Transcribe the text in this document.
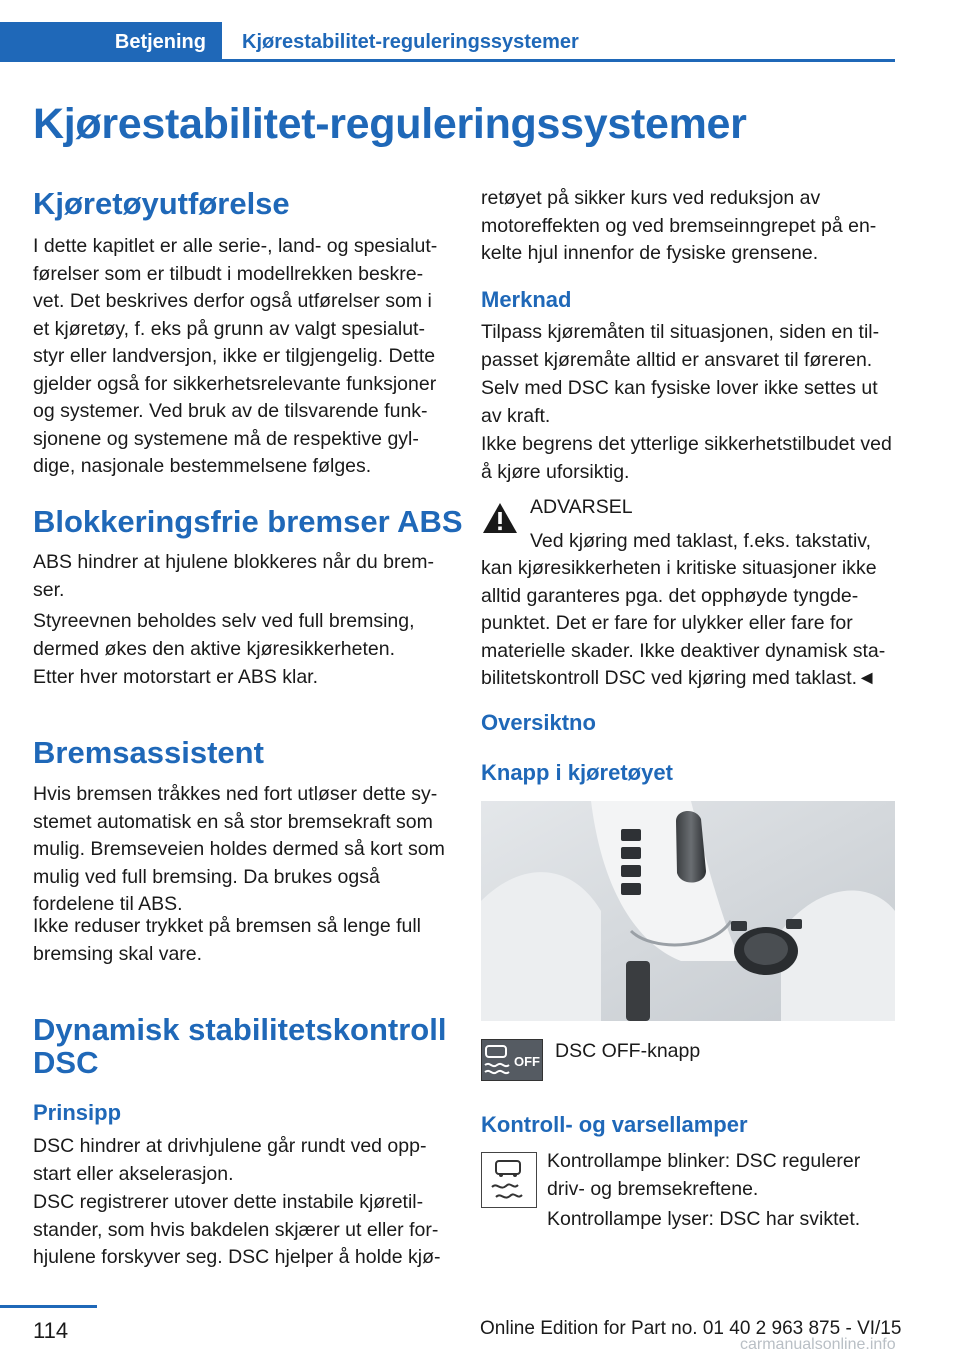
Betjening	Kjørestabilitet-reguleringssystemer
Kjørestabilitet-reguleringssystemer
Kjøretøyutførelse
I dette kapitlet er alle serie-, land- og spesialut-førelser som er tilbudt i modellrekken beskre-vet. Det beskrives derfor også utførelser som i et kjøretøy, f. eks på grunn av valgt spesialut-styr eller landversjon, ikke er tilgjengelig. Dette gjelder også for sikkerhetsrelevante funksjoner og systemer. Ved bruk av de tilsvarende funk-sjonene og systemene må de respektive gyl-dige, nasjonale bestemmelsene følges.
Blokkeringsfrie bremser ABS
ABS hindrer at hjulene blokkeres når du brem-ser.
Styreevnen beholdes selv ved full bremsing, dermed økes den aktive kjøresikkerheten.
Etter hver motorstart er ABS klar.
Bremsassistent
Hvis bremsen tråkkes ned fort utløser dette sy-stemet automatisk en så stor bremsekraft som mulig. Bremseveien holdes dermed så kort som mulig ved full bremsing. Da brukes også fordelene til ABS.
Ikke reduser trykket på bremsen så lenge full bremsing skal vare.
Dynamisk stabilitetskontroll
DSC
Prinsipp
DSC hindrer at drivhjulene går rundt ved opp-start eller akselerasjon.
DSC registrerer utover dette instabile kjøretil-stander, som hvis bakdelen skjærer ut eller for-hjulene forskyver seg. DSC hjelper å holde kjø-
retøyet på sikker kurs ved reduksjon av motoreffekten og ved bremseinngrepet på en-kelte hjul innenfor de fysiske grensene.
Merknad
Tilpass kjøremåten til situasjonen, siden en til-passet kjøremåte alltid er ansvaret til føreren.
Selv med DSC kan fysiske lover ikke settes ut av kraft.
Ikke begrens det ytterlige sikkerhetstilbudet ved å kjøre uforsiktig.
ADVARSEL
Ved kjøring med taklast, f.eks. takstativ,
kan kjøresikkerheten i kritiske situasjoner ikke alltid garanteres pga. det opphøyde tyngde-punktet. Det er fare for ulykker eller fare for materielle skader. Ikke deaktiver dynamisk sta-bilitetskontroll DSC ved kjøring med taklast.◄
Oversiktno
Knapp i kjøretøyet
OFF DSC OFF-knapp
Kontroll- og varsellamper
Kontrollampe blinker: DSC regulerer driv- og bremsekreftene.
Kontrollampe lyser: DSC har sviktet.
114	Online Edition for Part no. 01 40 2 963 875 - VI/15
carmanualsonline.info
